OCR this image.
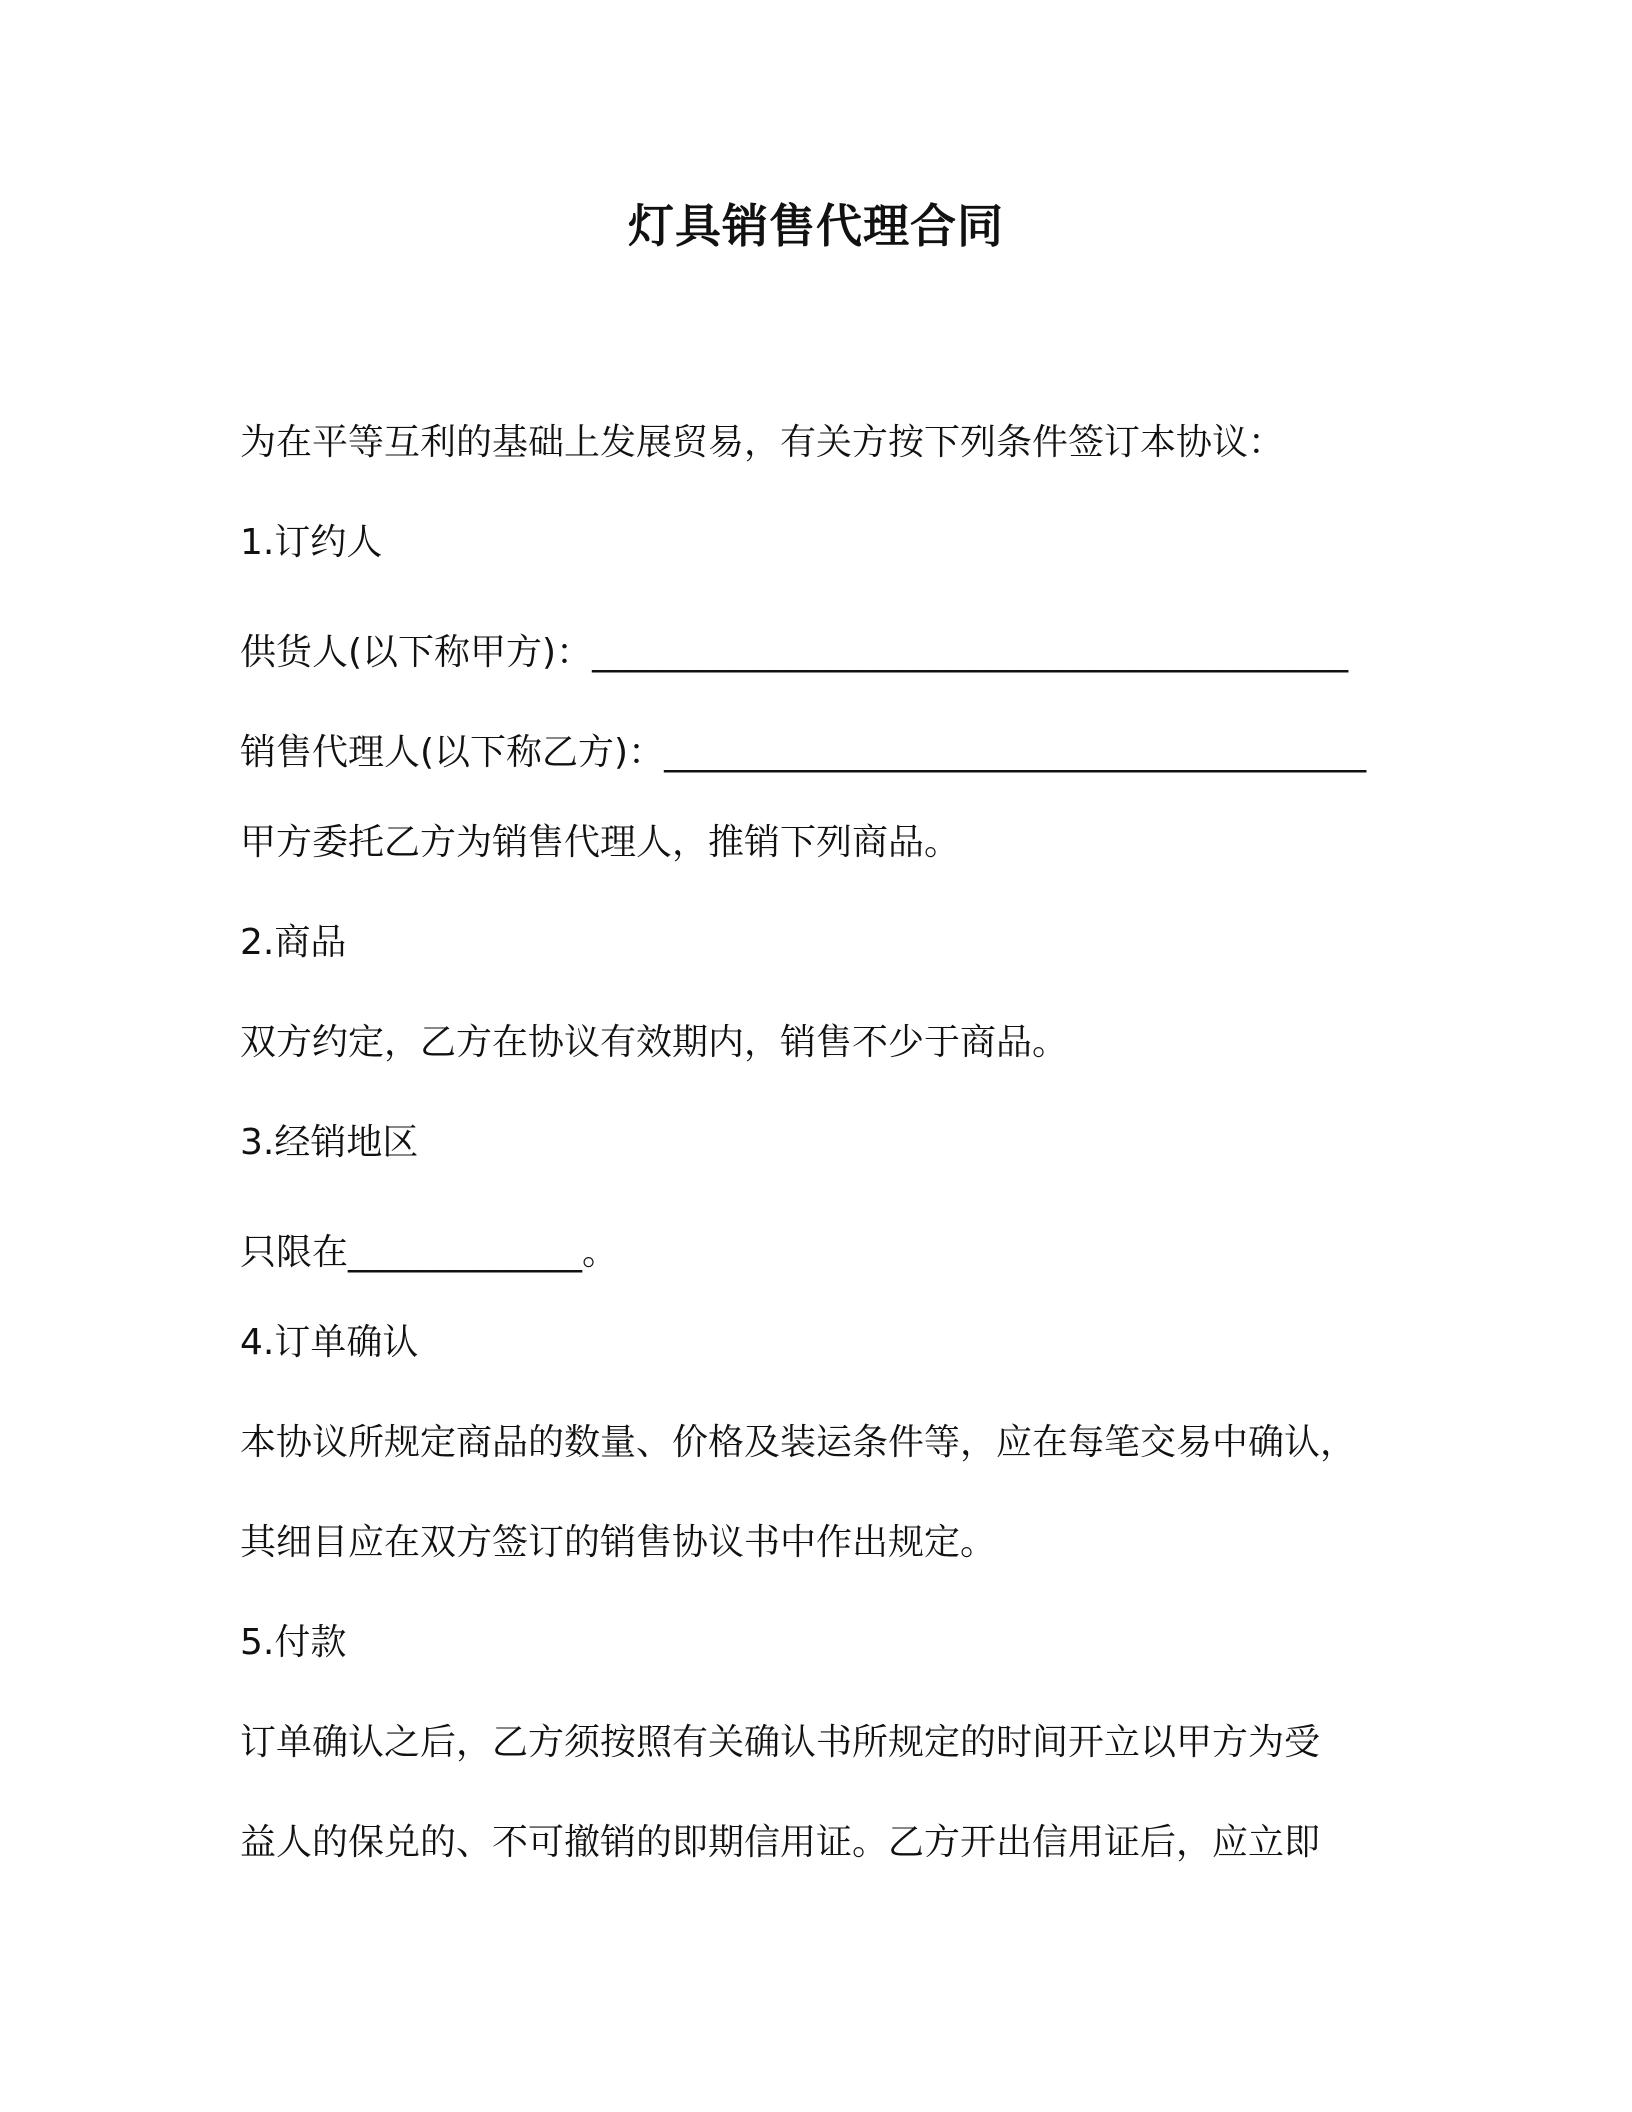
灯具销售代理合同
为在平等互利的基础上发展贸易，有关方按下列条件签订本协议：
1.订约人
供货人(以下称甲方)：__________________________________________
销售代理人(以下称乙方)：_______________________________________
甲方委托乙方为销售代理人，推销下列商品。
2.商品
双方约定，乙方在协议有效期内，销售不少于商品。
3.经销地区
只限在_____________。
4.订单确认
本协议所规定商品的数量、价格及装运条件等，应在每笔交易中确认，
其细目应在双方签订的销售协议书中作出规定。
5.付款
订单确认之后，乙方须按照有关确认书所规定的时间开立以甲方为受
益人的保兑的、不可撤销的即期信用证。乙方开出信用证后，应立即
